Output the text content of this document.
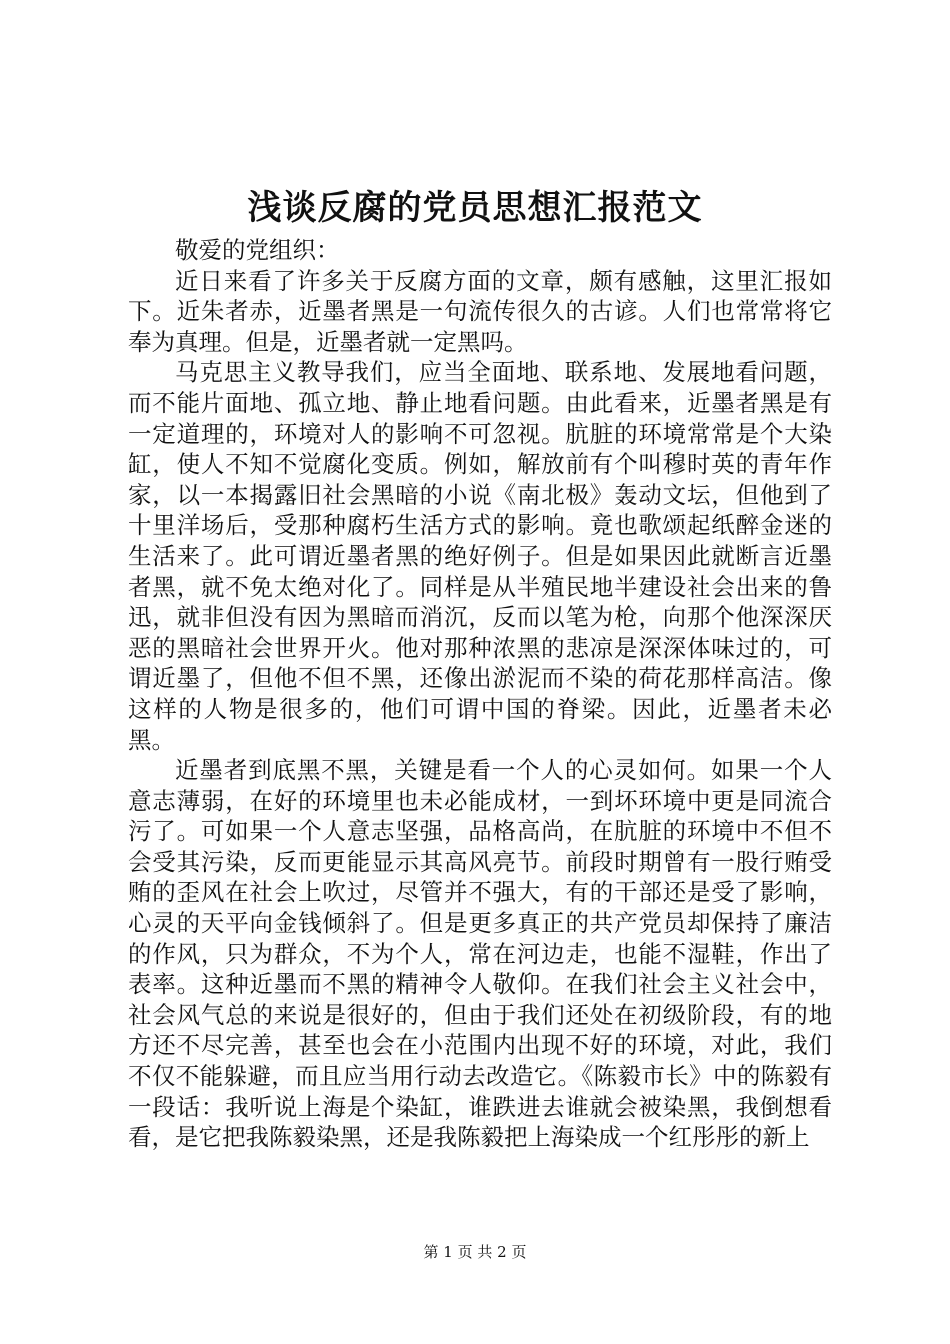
浅谈反腐的党员思想汇报范文

敬爱的党组织：

近日来看了许多关于反腐方面的文章，颇有感触，这里汇报如下。近朱者赤，近墨者黑是一句流传很久的古谚。人们也常常将它奉为真理。但是，近墨者就一定黑吗。

马克思主义教导我们，应当全面地、联系地、发展地看问题，而不能片面地、孤立地、静止地看问题。由此看来，近墨者黑是有一定道理的，环境对人的影响不可忽视。肮脏的环境常常是个大染缸，使人不知不觉腐化变质。例如，解放前有个叫穆时英的青年作家，以一本揭露旧社会黑暗的小说《南北极》轰动文坛，但他到了十里洋场后，受那种腐朽生活方式的影响。竟也歌颂起纸醉金迷的生活来了。此可谓近墨者黑的绝好例子。但是如果因此就断言近墨者黑，就不免太绝对化了。同样是从半殖民地半建设社会出来的鲁迅，就非但没有因为黑暗而消沉，反而以笔为枪，向那个他深深厌恶的黑暗社会世界开火。他对那种浓黑的悲凉是深深体味过的，可谓近墨了，但他不但不黑，还像出淤泥而不染的荷花那样高洁。像这样的人物是很多的，他们可谓中国的脊梁。因此，近墨者未必黑。

近墨者到底黑不黑，关键是看一个人的心灵如何。如果一个人意志薄弱，在好的环境里也未必能成材，一到坏环境中更是同流合污了。可如果一个人意志坚强，品格高尚，在肮脏的环境中不但不会受其污染，反而更能显示其高风亮节。前段时期曾有一股行贿受贿的歪风在社会上吹过，尽管并不强大，有的干部还是受了影响，心灵的天平向金钱倾斜了。但是更多真正的共产党员却保持了廉洁的作风，只为群众，不为个人，常在河边走，也能不湿鞋，作出了表率。这种近墨而不黑的精神令人敬仰。在我们社会主义社会中，社会风气总的来说是很好的，但由于我们还处在初级阶段，有的地方还不尽完善，甚至也会在小范围内出现不好的环境，对此，我们不仅不能躲避，而且应当用行动去改造它。《陈毅市长》中的陈毅有一段话：我听说上海是个染缸，谁跌进去谁就会被染黑，我倒想看看，是它把我陈毅染黑，还是我陈毅把上海染成一个红彤彤的新上

第 1 页 共 2 页
